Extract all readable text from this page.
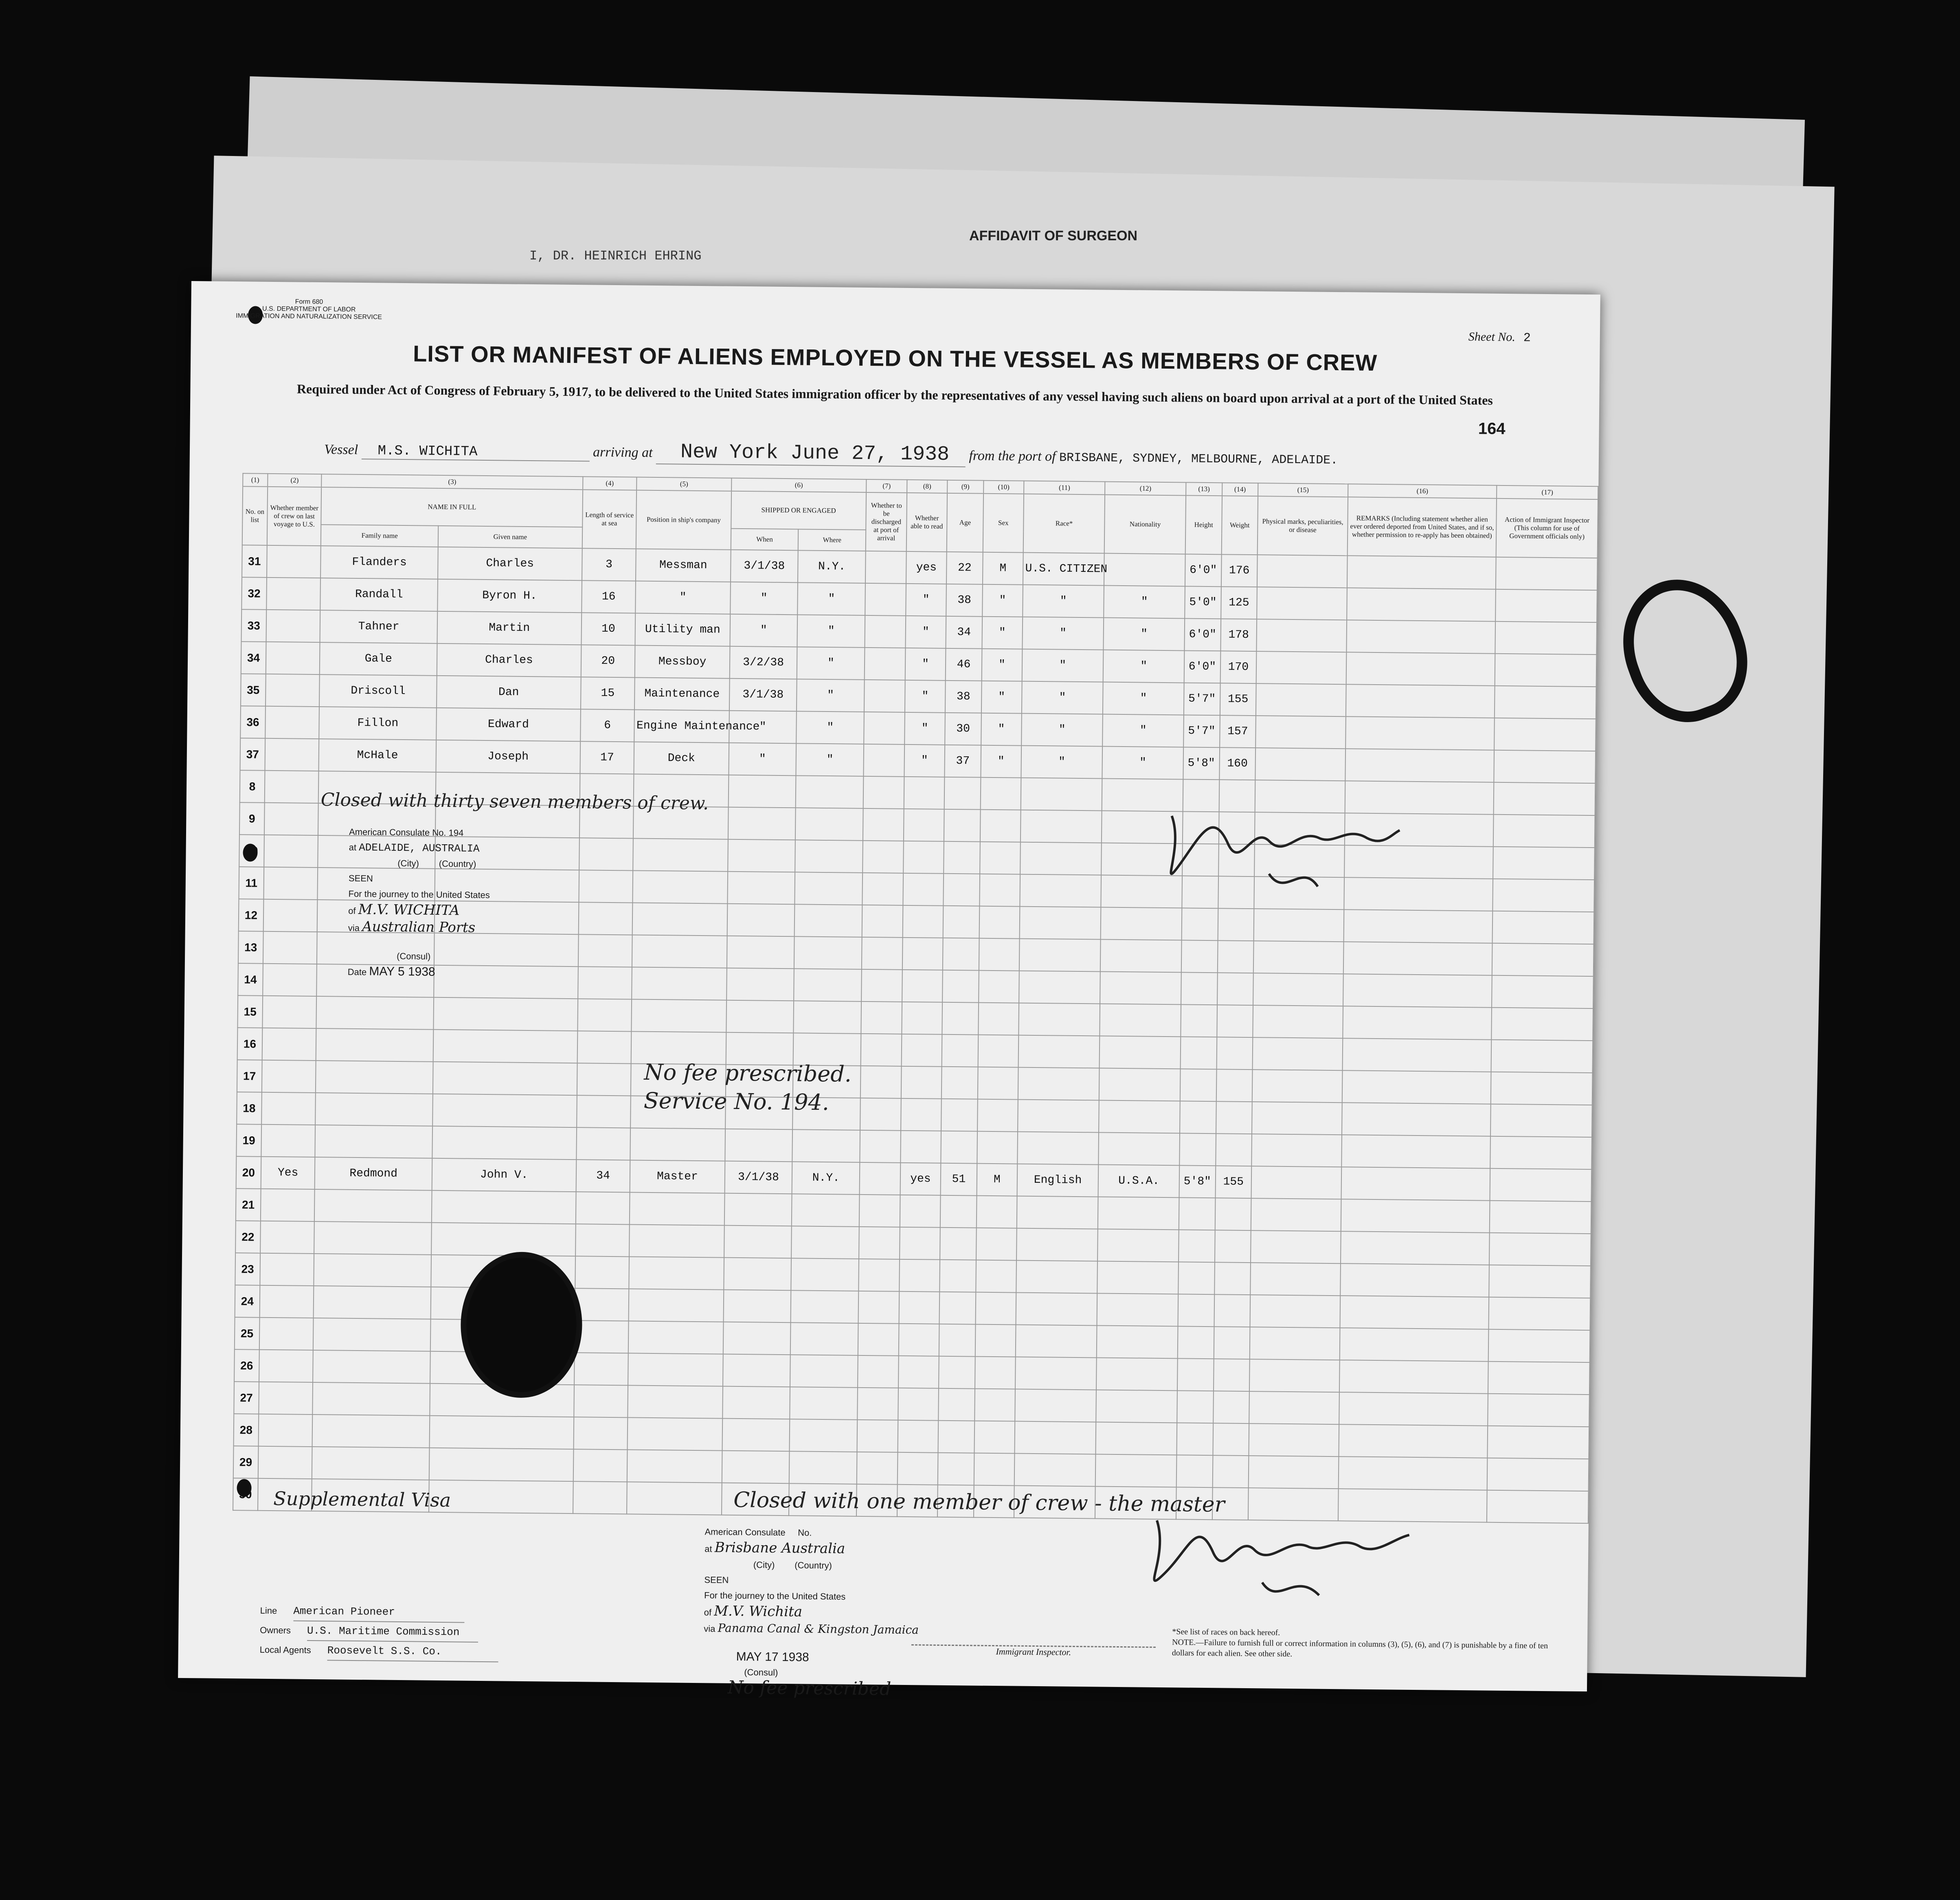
AFFIDAVIT OF SURGEON
I, DR. HEINRICH EHRING
Form 680
U.S. DEPARTMENT OF LABOR
IMMIGRATION AND NATURALIZATION SERVICE
Sheet No. 2
LIST OR MANIFEST OF ALIENS EMPLOYED ON THE VESSEL AS MEMBERS OF CREW
Required under Act of Congress of February 5, 1917, to be delivered to the United States immigration officer by the representatives of any vessel having such aliens on board upon arrival at a port of the United States
164
Vessel M.S. WICHITA	arriving at New York June 27, 1938 from the port of BRISBANE, SYDNEY, MELBOURNE, ADELAIDE.
(1)	(2)	(3)		(4)	(5)	(6)		(7)	(8)	(9)	(10)	(11)	(12)	(13)	(14)	(15)	(16)	(17)
No. on list	Whether member of crew on last voyage to U.S.	NAME IN FULL		Length of service at sea	Position in ship's company	SHIPPED OR ENGAGED		Whether to be discharged at port of arrival	Whether able to read	Age	Sex	Race*	Nationality	Height	Weight	Physical marks, peculiarities, or disease	REMARKS (Including statement whether alien ever ordered deported from United States, and if so, whether permission to re-apply has been obtained)	Action of Immigrant Inspector (This column for use of Government officials only)
		Family name	Given name			When	Where											
31		Flanders	Charles	3	Messman	3/1/38	N.Y.		yes	22	M	U.S. CITIZEN		6'0"	176			
32		Randall	Byron H.	16	"	"	"		"	38	"	"	"	5'0"	125			
33		Tahner	Martin	10	Utility man	"	"		"	34	"	"	"	6'0"	178			
34		Gale	Charles	20	Messboy	3/2/38	"		"	46	"	"	"	6'0"	170			
35		Driscoll	Dan	15	Maintenance	3/1/38	"		"	38	"	"	"	5'7"	155			
36		Fillon	Edward	6	Engine Maintenance	"	"		"	30	"	"	"	5'7"	157			
37		McHale	Joseph	17	Deck	"	"		"	37	"	"	"	5'8"	160			
8																		
9																		
10																		
11																		
12																		
13																		
14																		
15																		
16																		
17																		
18																		
19																		
20	Yes	Redmond	John V.	34	Master	3/1/38	N.Y.		yes	51	M	English	U.S.A.	5'8"	155			
21																		
22																		
23																		
24																		
25																		
26																		
27																		
28																		
29																		
30																		
Closed with thirty seven members of crew.
American Consulate No. 194
at ADELAIDE, AUSTRALIA
(City) (Country)
SEEN
For the journey to the United States
of M.V. WICHITA
via Australian Ports
(Consul)
Date MAY 5 1938
No fee prescribed.
Service No. 194.
Supplemental Visa	Closed with one member of crew - the master
American Consulate No.
at Brisbane Australia
(City) (Country)
SEEN
For the journey to the United States
of M.V. Wichita
via Panama Canal & Kingston Jamaica
MAY 17 1938
(Consul)
No fee prescribed
Line American Pioneer
Owners U.S. Maritime Commission
Local Agents Roosevelt S.S. Co.	Immigrant Inspector.
*See list of races on back hereof.
NOTE.—Failure to furnish full or correct information in columns (3), (5), (6), and (7) is punishable by a fine of ten dollars for each alien. See other side.
